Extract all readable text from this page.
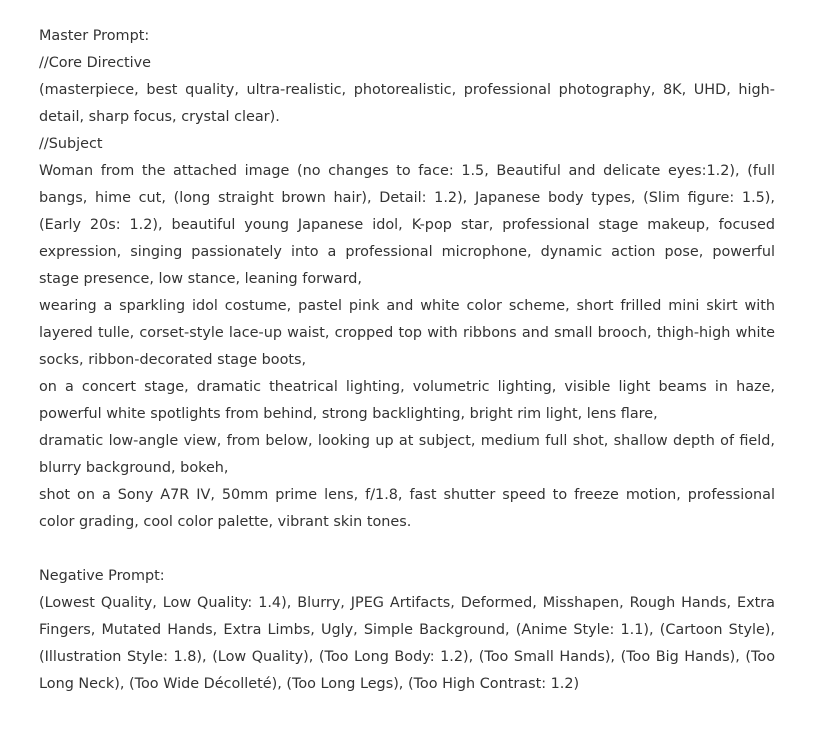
Master Prompt:

//Core Directive

(masterpiece, best quality, ultra-realistic, photorealistic, professional photography, 8K, UHD, high-detail, sharp focus, crystal clear).

//Subject

Woman from the attached image (no changes to face: 1.5, Beautiful and delicate eyes:1.2), (full bangs, hime cut, (long straight brown hair), Detail: 1.2), Japanese body types, (Slim figure: 1.5), (Early 20s: 1.2), beautiful young Japanese idol, K-pop star, professional stage makeup, focused expression, singing passionately into a professional microphone, dynamic action pose, powerful stage presence, low stance, leaning forward,

wearing a sparkling idol costume, pastel pink and white color scheme, short frilled mini skirt with layered tulle, corset-style lace-up waist, cropped top with ribbons and small brooch, thigh-high white socks, ribbon-decorated stage boots,

on a concert stage, dramatic theatrical lighting, volumetric lighting, visible light beams in haze, powerful white spotlights from behind, strong backlighting, bright rim light, lens flare,

dramatic low-angle view, from below, looking up at subject, medium full shot, shallow depth of field, blurry background, bokeh,

shot on a Sony A7R IV, 50mm prime lens, f/1.8, fast shutter speed to freeze motion, professional color grading, cool color palette, vibrant skin tones.

Negative Prompt:

(Lowest Quality, Low Quality: 1.4), Blurry, JPEG Artifacts, Deformed, Misshapen, Rough Hands, Extra Fingers, Mutated Hands, Extra Limbs, Ugly, Simple Background, (Anime Style: 1.1), (Cartoon Style), (Illustration Style: 1.8), (Low Quality), (Too Long Body: 1.2), (Too Small Hands), (Too Big Hands), (Too Long Neck), (Too Wide Décolleté), (Too Long Legs), (Too High Contrast: 1.2)
